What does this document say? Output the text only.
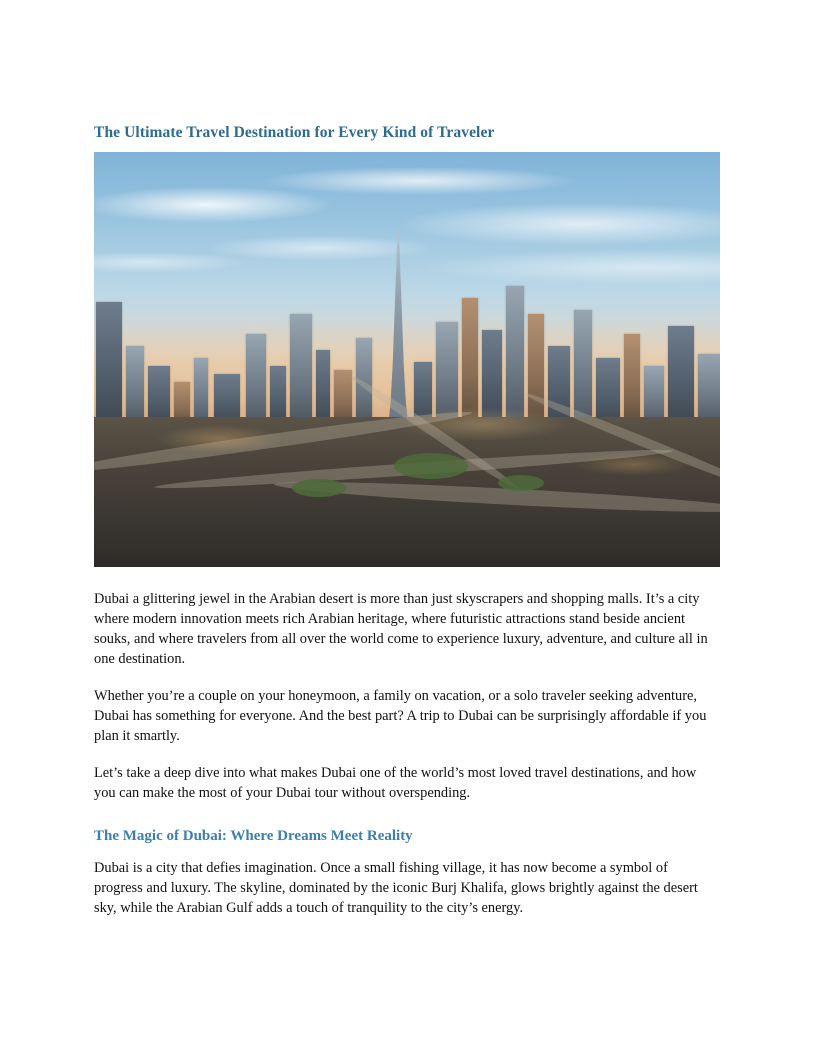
The Ultimate Travel Destination for Every Kind of Traveler

Dubai a glittering jewel in the Arabian desert is more than just skyscrapers and shopping malls. It’s a city where modern innovation meets rich Arabian heritage, where futuristic attractions stand beside ancient souks, and where travelers from all over the world come to experience luxury, adventure, and culture all in one destination.

Whether you’re a couple on your honeymoon, a family on vacation, or a solo traveler seeking adventure, Dubai has something for everyone. And the best part? A trip to Dubai can be surprisingly affordable if you plan it smartly.

Let’s take a deep dive into what makes Dubai one of the world’s most loved travel destinations, and how you can make the most of your Dubai tour without overspending.

The Magic of Dubai: Where Dreams Meet Reality

Dubai is a city that defies imagination. Once a small fishing village, it has now become a symbol of progress and luxury. The skyline, dominated by the iconic Burj Khalifa, glows brightly against the desert sky, while the Arabian Gulf adds a touch of tranquility to the city’s energy.
